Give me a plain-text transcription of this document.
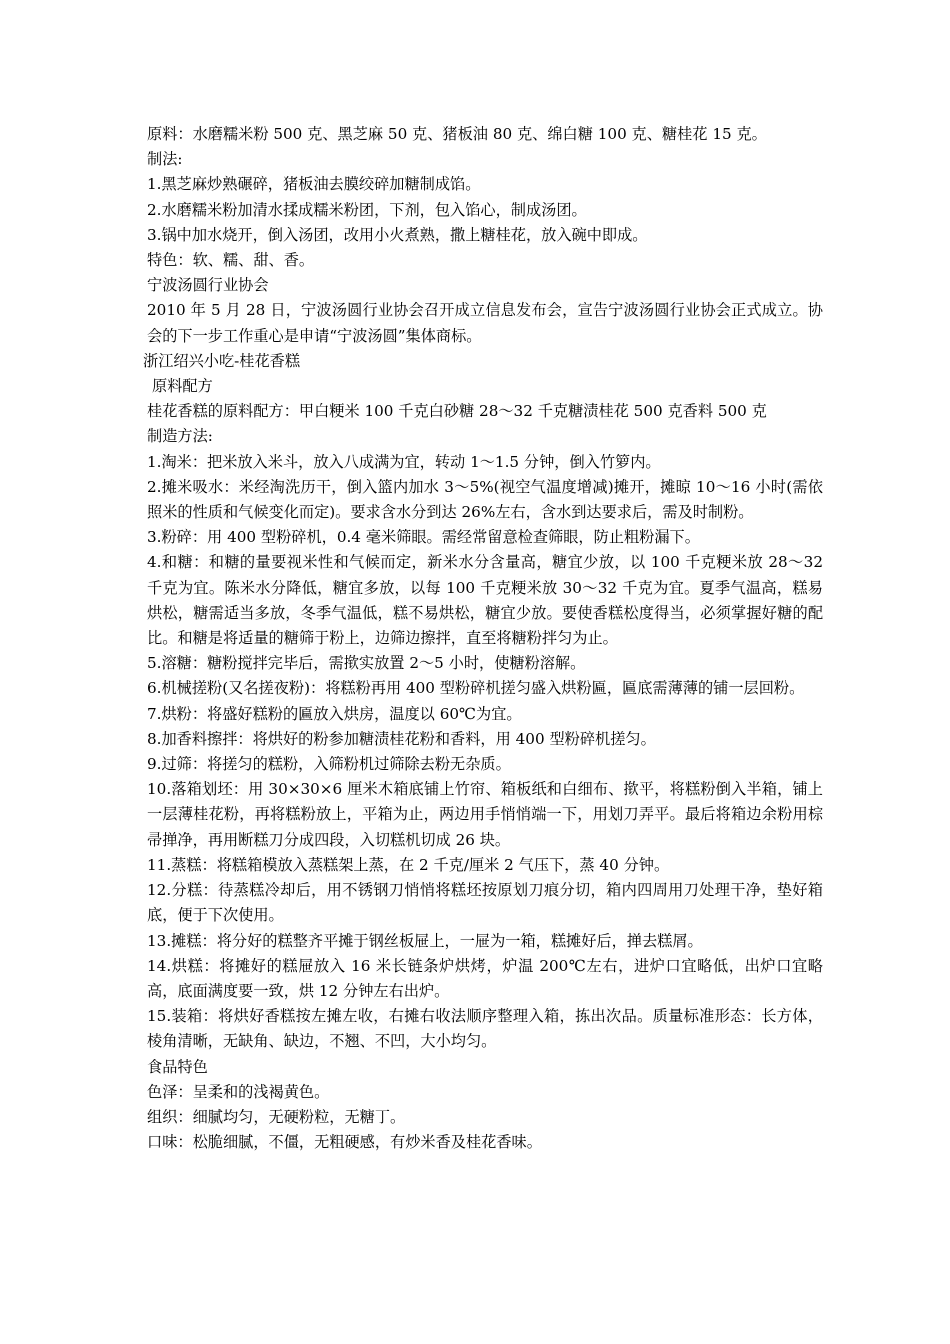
原料：水磨糯米粉 500 克、黑芝麻 50 克、猪板油 80 克、绵白糖 100 克、糖桂花 15 克。

制法:

1.黑芝麻炒熟碾碎，猪板油去膜绞碎加糖制成馅。

2.水磨糯米粉加清水揉成糯米粉团，下剂，包入馅心，制成汤团。

3.锅中加水烧开，倒入汤团，改用小火煮熟，撒上糖桂花，放入碗中即成。

特色：软、糯、甜、香。

宁波汤圆行业协会

2010 年 5 月 28 日，宁波汤圆行业协会召开成立信息发布会，宣告宁波汤圆行业协会正式成立。协会的下一步工作重心是申请“宁波汤圆”集体商标。

浙江绍兴小吃-桂花香糕

原料配方

桂花香糕的原料配方：甲白粳米 100 千克白砂糖 28～32 千克糖渍桂花 500 克香料 500 克

制造方法:

1.淘米：把米放入米斗，放入八成满为宜，转动 1～1.5 分钟，倒入竹箩内。

2.摊米吸水：米经淘洗历干，倒入篮内加水 3～5%(视空气温度增减)摊开，摊晾 10～16 小时(需依照米的性质和气候变化而定)。要求含水分到达 26%左右，含水到达要求后，需及时制粉。

3.粉碎：用 400 型粉碎机，0.4 毫米筛眼。需经常留意检查筛眼，防止粗粉漏下。

4.和糖：和糖的量要视米性和气候而定，新米水分含量高，糖宜少放，以 100 千克粳米放 28～32 千克为宜。陈米水分降低，糖宜多放，以每 100 千克粳米放 30～32 千克为宜。夏季气温高，糕易烘松，糖需适当多放，冬季气温低，糕不易烘松，糖宜少放。要使香糕松度得当，必须掌握好糖的配比。和糖是将适量的糖筛于粉上，边筛边擦拌，直至将糖粉拌匀为止。

5.溶糖：糖粉搅拌完毕后，需揿实放置 2～5 小时，使糖粉溶解。

6.机械搓粉(又名搓夜粉)：将糕粉再用 400 型粉碎机搓匀盛入烘粉匾，匾底需薄薄的铺一层回粉。

7.烘粉：将盛好糕粉的匾放入烘房，温度以 60℃为宜。

8.加香料擦拌：将烘好的粉参加糖渍桂花粉和香料，用 400 型粉碎机搓匀。

9.过筛：将搓匀的糕粉，入筛粉机过筛除去粉无杂质。

10.落箱划坯：用 30×30×6 厘米木箱底铺上竹帘、箱板纸和白细布、揿平，将糕粉倒入半箱，铺上一层薄桂花粉，再将糕粉放上，平箱为止，两边用手悄悄端一下，用划刀弄平。最后将箱边余粉用棕帚掸净，再用断糕刀分成四段，入切糕机切成 26 块。

11.蒸糕：将糕箱模放入蒸糕架上蒸，在 2 千克/厘米 2 气压下，蒸 40 分钟。

12.分糕：待蒸糕冷却后，用不锈钢刀悄悄将糕坯按原划刀痕分切，箱内四周用刀处理干净，垫好箱底，便于下次使用。

13.摊糕：将分好的糕整齐平摊于钢丝板屉上，一屉为一箱，糕摊好后，掸去糕屑。

14.烘糕：将摊好的糕屉放入 16 米长链条炉烘烤，炉温 200℃左右，进炉口宜略低，出炉口宜略高，底面满度要一致，烘 12 分钟左右出炉。

15.装箱：将烘好香糕按左摊左收，右摊右收法顺序整理入箱，拣出次品。质量标准形态：长方体，棱角清晰，无缺角、缺边，不翘、不凹，大小均匀。

食品特色

色泽：呈柔和的浅褐黄色。

组织：细腻均匀，无硬粉粒，无糖丁。

口味：松脆细腻，不僵，无粗硬感，有炒米香及桂花香味。
